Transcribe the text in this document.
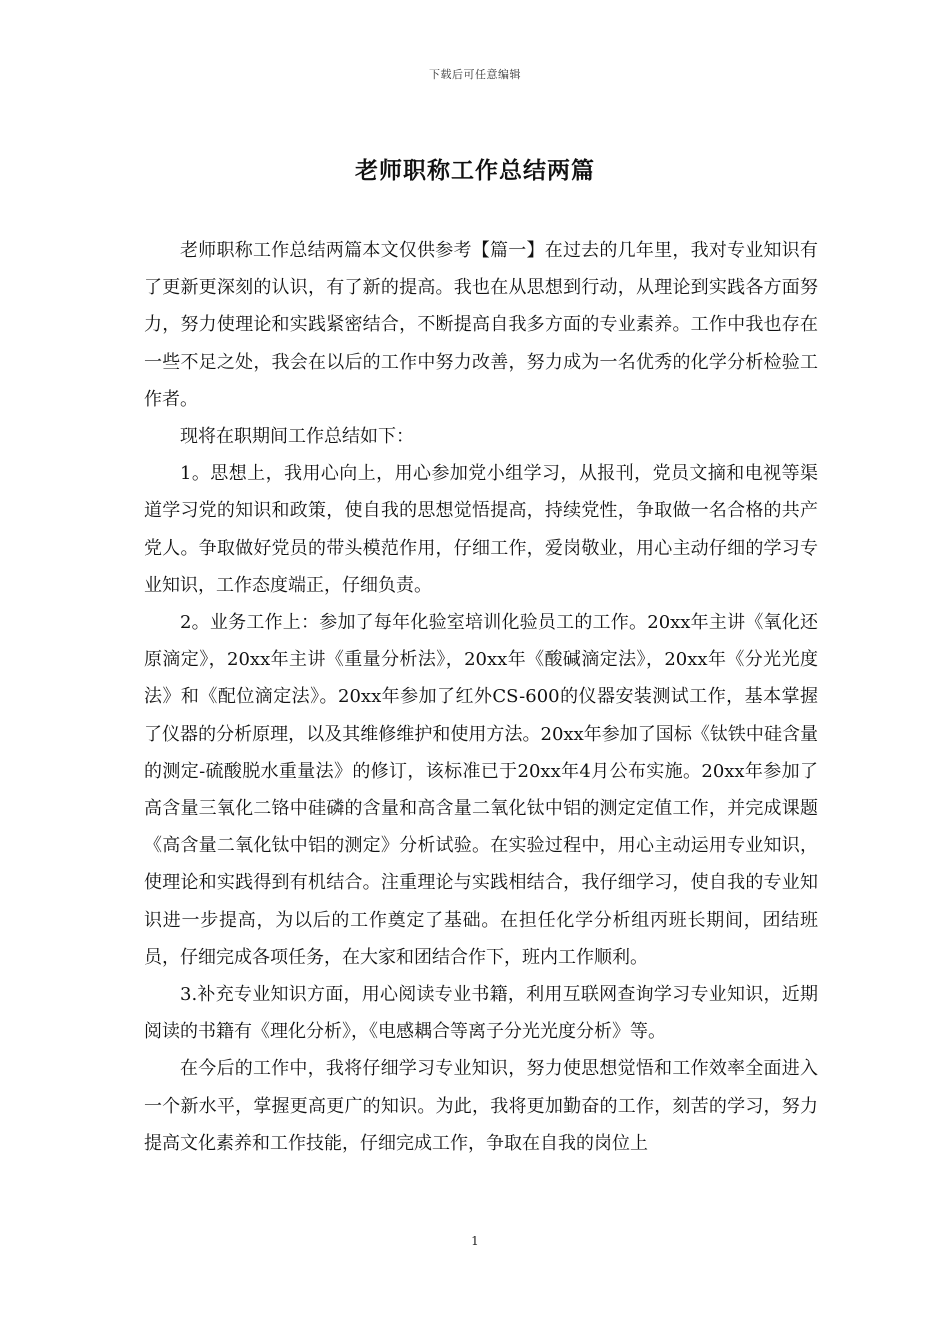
下载后可任意编辑
老师职称工作总结两篇

老师职称工作总结两篇本文仅供参考【篇一】在过去的几年里，我对专业知识有了更新更深刻的认识，有了新的提高。我也在从思想到行动，从理论到实践各方面努力，努力使理论和实践紧密结合，不断提高自我多方面的专业素养。工作中我也存在一些不足之处，我会在以后的工作中努力改善，努力成为一名优秀的化学分析检验工作者。

现将在职期间工作总结如下：

1。思想上，我用心向上，用心参加党小组学习，从报刊，党员文摘和电视等渠道学习党的知识和政策，使自我的思想觉悟提高，持续党性，争取做一名合格的共产党人。争取做好党员的带头模范作用，仔细工作，爱岗敬业，用心主动仔细的学习专业知识，工作态度端正，仔细负责。

2。业务工作上：参加了每年化验室培训化验员工的工作。20xx年主讲《氧化还原滴定》，20xx年主讲《重量分析法》，20xx年《酸碱滴定法》，20xx年《分光光度法》和《配位滴定法》。20xx年参加了红外CS-600的仪器安装测试工作，基本掌握了仪器的分析原理，以及其维修维护和使用方法。20xx年参加了国标《钛铁中硅含量的测定-硫酸脱水重量法》的修订，该标准已于20xx年4月公布实施。20xx年参加了高含量三氧化二铬中硅磷的含量和高含量二氧化钛中铝的测定定值工作，并完成课题《高含量二氧化钛中铝的测定》分析试验。在实验过程中，用心主动运用专业知识，使理论和实践得到有机结合。注重理论与实践相结合，我仔细学习，使自我的专业知识进一步提高，为以后的工作奠定了基础。在担任化学分析组丙班长期间，团结班员，仔细完成各项任务，在大家和团结合作下，班内工作顺利。

3.补充专业知识方面，用心阅读专业书籍，利用互联网查询学习专业知识，近期阅读的书籍有《理化分析》，《电感耦合等离子分光光度分析》等。

在今后的工作中，我将仔细学习专业知识，努力使思想觉悟和工作效率全面进入一个新水平，掌握更高更广的知识。为此，我将更加勤奋的工作，刻苦的学习，努力提高文化素养和工作技能，仔细完成工作，争取在自我的岗位上

1
